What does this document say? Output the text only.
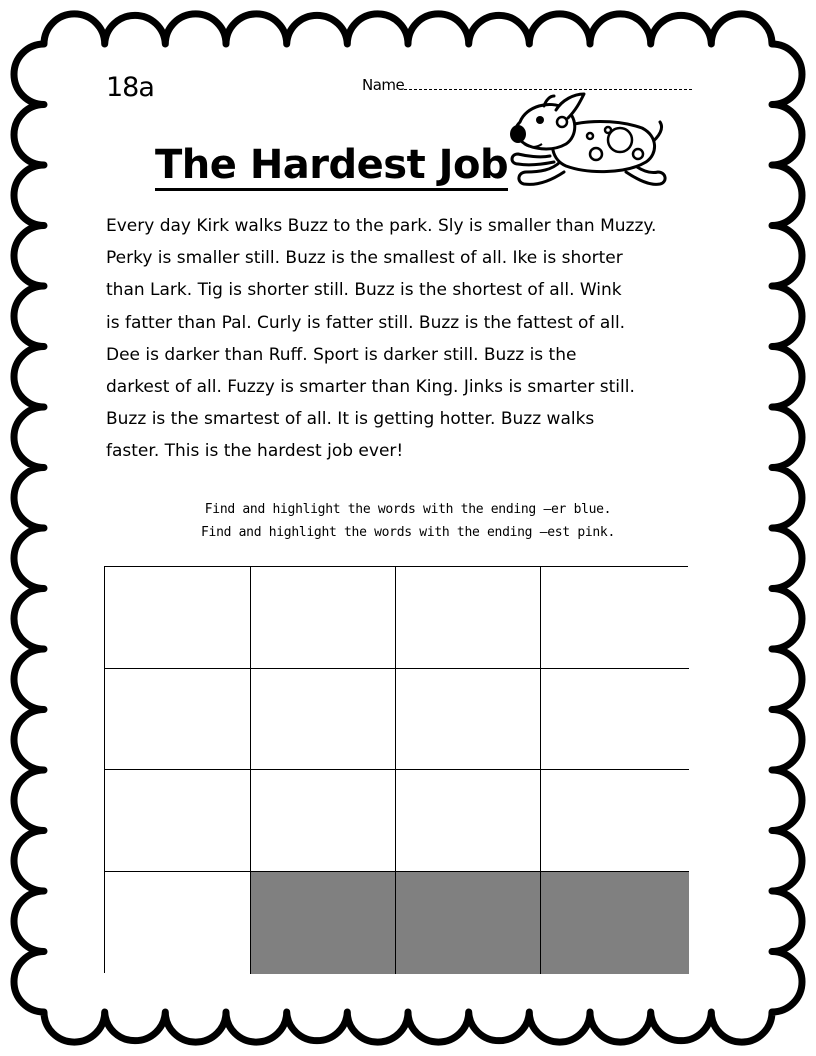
18a	Name
The Hardest Job
Every day Kirk walks Buzz to the park. Sly is smaller than Muzzy.
Perky is smaller still. Buzz is the smallest of all. Ike is shorter
than Lark. Tig is shorter still. Buzz is the shortest of all. Wink
is fatter than Pal. Curly is fatter still. Buzz is the fattest of all.
Dee is darker than Ruff. Sport is darker still. Buzz is the
darkest of all. Fuzzy is smarter than King. Jinks is smarter still.
Buzz is the smartest of all. It is getting hotter. Buzz walks
faster. This is the hardest job ever!
Find and highlight the words with the ending –er blue.
Find and highlight the words with the ending –est pink.
